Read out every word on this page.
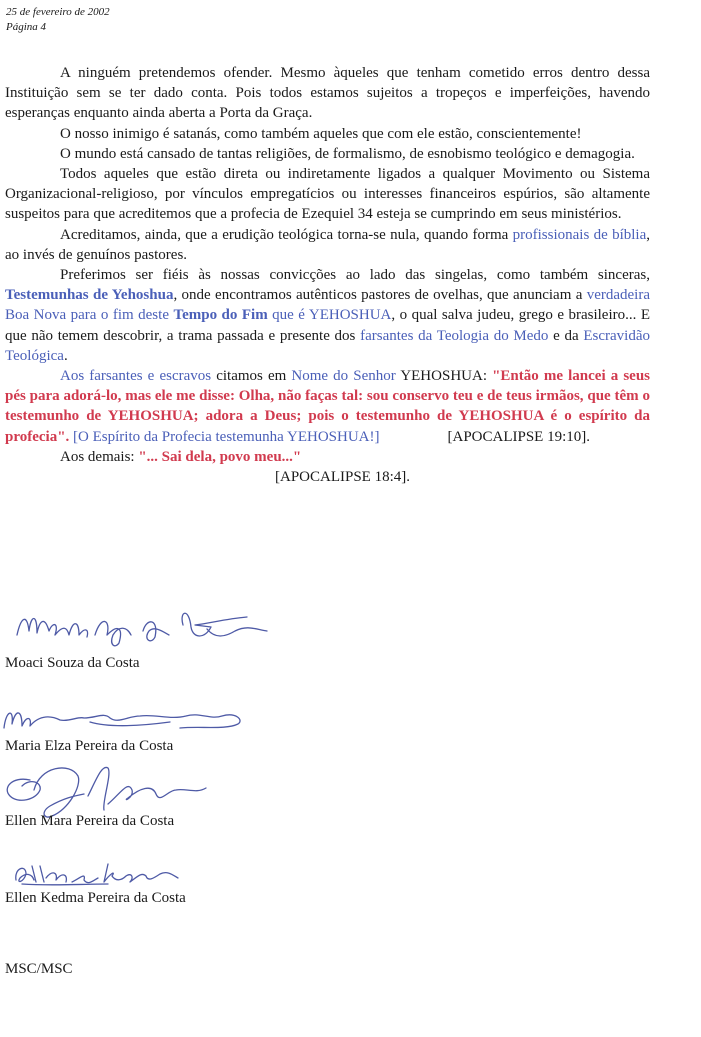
25 de fevereiro de 2002
Página 4

A ninguém pretendemos ofender. Mesmo àqueles que tenham cometido erros dentro dessa Instituição sem se ter dado conta. Pois todos estamos sujeitos a tropeços e imperfeições, havendo esperanças enquanto ainda aberta a Porta da Graça.

O nosso inimigo é satanás, como também aqueles que com ele estão, conscientemente!

O mundo está cansado de tantas religiões, de formalismo, de esnobismo teológico e demagogia.

Todos aqueles que estão direta ou indiretamente ligados a qualquer Movimento ou Sistema Organizacional-religioso, por vínculos empregatícios ou interesses financeiros espúrios, são altamente suspeitos para que acreditemos que a profecia de Ezequiel 34 esteja se cumprindo em seus ministérios.

Acreditamos, ainda, que a erudição teológica torna-se nula, quando forma profissionais de bíblia, ao invés de genuínos pastores.

Preferimos ser fiéis às nossas convicções ao lado das singelas, como também sinceras, Testemunhas de Yehoshua, onde encontramos autênticos pastores de ovelhas, que anunciam a verdadeira Boa Nova para o fim deste Tempo do Fim que é YEHOSHUA, o qual salva judeu, grego e brasileiro... E que não temem descobrir, a trama passada e presente dos farsantes da Teologia do Medo e da Escravidão Teológica.

Aos farsantes e escravos citamos em Nome do Senhor YEHOSHUA: "Então me lancei a seus pés para adorá-lo, mas ele me disse: Olha, não faças tal: sou conservo teu e de teus irmãos, que têm o testemunho de YEHOSHUA; adora a Deus; pois o testemunho de YEHOSHUA é o espírito da profecia". [O Espírito da Profecia testemunha YEHOSHUA!]	[APOCALIPSE 19:10].

Aos demais: "... Sai dela, povo meu..."

[APOCALIPSE 18:4].

Moaci Souza da Costa
Maria Elza Pereira da Costa
Ellen Mara Pereira da Costa
Ellen Kedma Pereira da Costa
MSC/MSC
